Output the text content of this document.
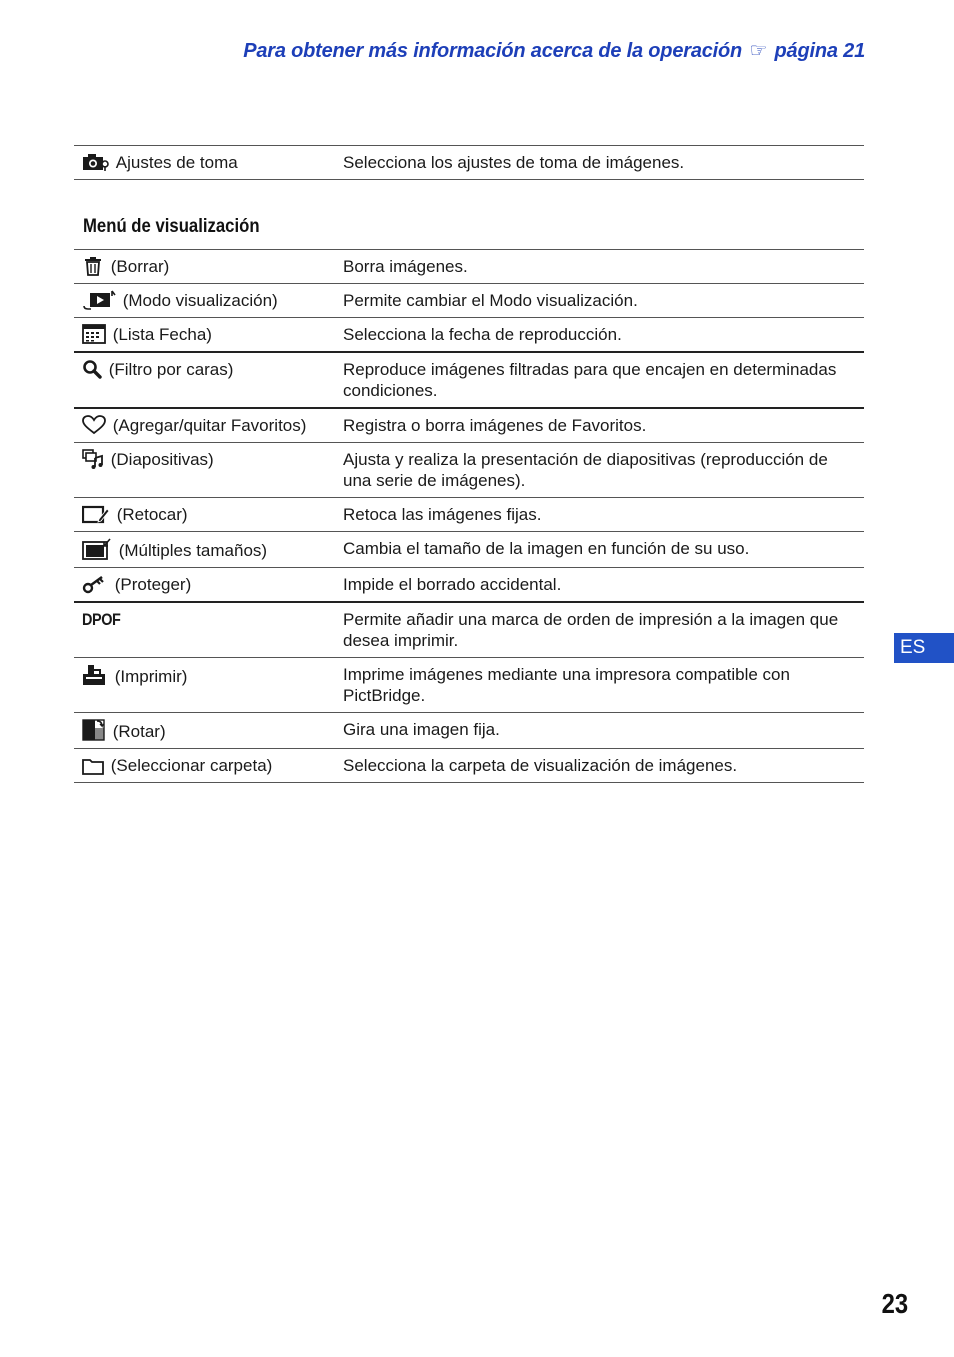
Para obtener más información acerca de la operación ☞ página 21
Ajustes de toma	Selecciona los ajustes de toma de imágenes.
Menú de visualización
(Borrar)	Borra imágenes.

(Modo visualización)	Permite cambiar el Modo visualización.

(Lista Fecha)	Selecciona la fecha de reproducción.

(Filtro por caras)	Reproduce imágenes filtradas para que encajen en determinadas condiciones.

(Agregar/quitar Favoritos)	Registra o borra imágenes de Favoritos.

(Diapositivas)	Ajusta y realiza la presentación de diapositivas (reproducción de una serie de imágenes).

(Retocar)	Retoca las imágenes fijas.

(Múltiples tamaños)	Cambia el tamaño de la imagen en función de su uso.

(Proteger)	Impide el borrado accidental.
DPOF	Permite añadir una marca de orden de impresión a la imagen que desea imprimir.

(Imprimir)	Imprime imágenes mediante una impresora compatible con PictBridge.

(Rotar)	Gira una imagen fija.

(Seleccionar carpeta)	Selecciona la carpeta de visualización de imágenes.
ES
23
